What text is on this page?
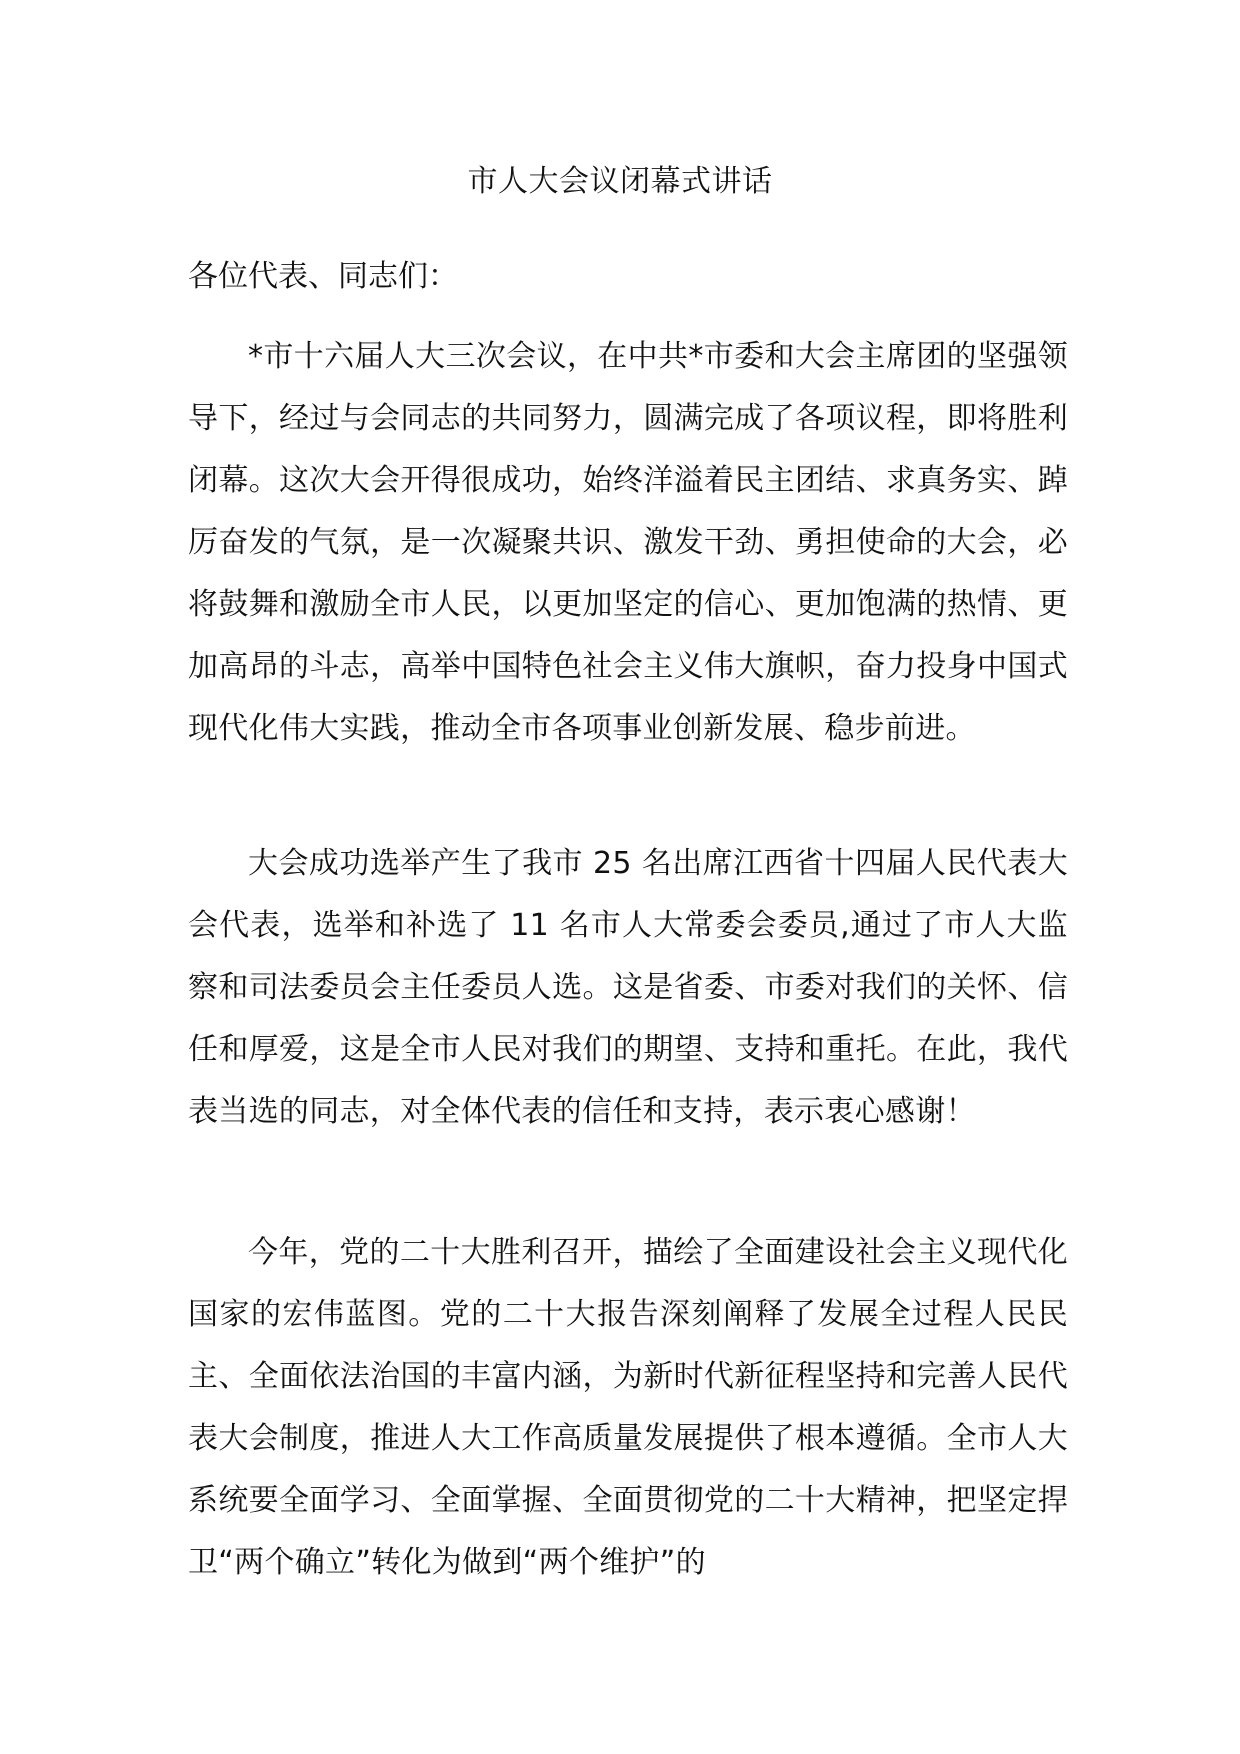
市人大会议闭幕式讲话
各位代表、同志们：

*市十六届人大三次会议，在中共*市委和大会主席团的坚强领导下，经过与会同志的共同努力，圆满完成了各项议程，即将胜利闭幕。这次大会开得很成功，始终洋溢着民主团结、求真务实、踔厉奋发的气氛，是一次凝聚共识、激发干劲、勇担使命的大会，必将鼓舞和激励全市人民，以更加坚定的信心、更加饱满的热情、更加高昂的斗志，高举中国特色社会主义伟大旗帜，奋力投身中国式现代化伟大实践，推动全市各项事业创新发展、稳步前进。

大会成功选举产生了我市 25 名出席江西省十四届人民代表大会代表，选举和补选了 11 名市人大常委会委员,通过了市人大监察和司法委员会主任委员人选。这是省委、市委对我们的关怀、信任和厚爱，这是全市人民对我们的期望、支持和重托。在此，我代表当选的同志，对全体代表的信任和支持，表示衷心感谢！

今年，党的二十大胜利召开，描绘了全面建设社会主义现代化国家的宏伟蓝图。党的二十大报告深刻阐释了发展全过程人民民主、全面依法治国的丰富内涵，为新时代新征程坚持和完善人民代表大会制度，推进人大工作高质量发展提供了根本遵循。全市人大系统要全面学习、全面掌握、全面贯彻党的二十大精神，把坚定捍卫“两个确立”转化为做到“两个维护”的
